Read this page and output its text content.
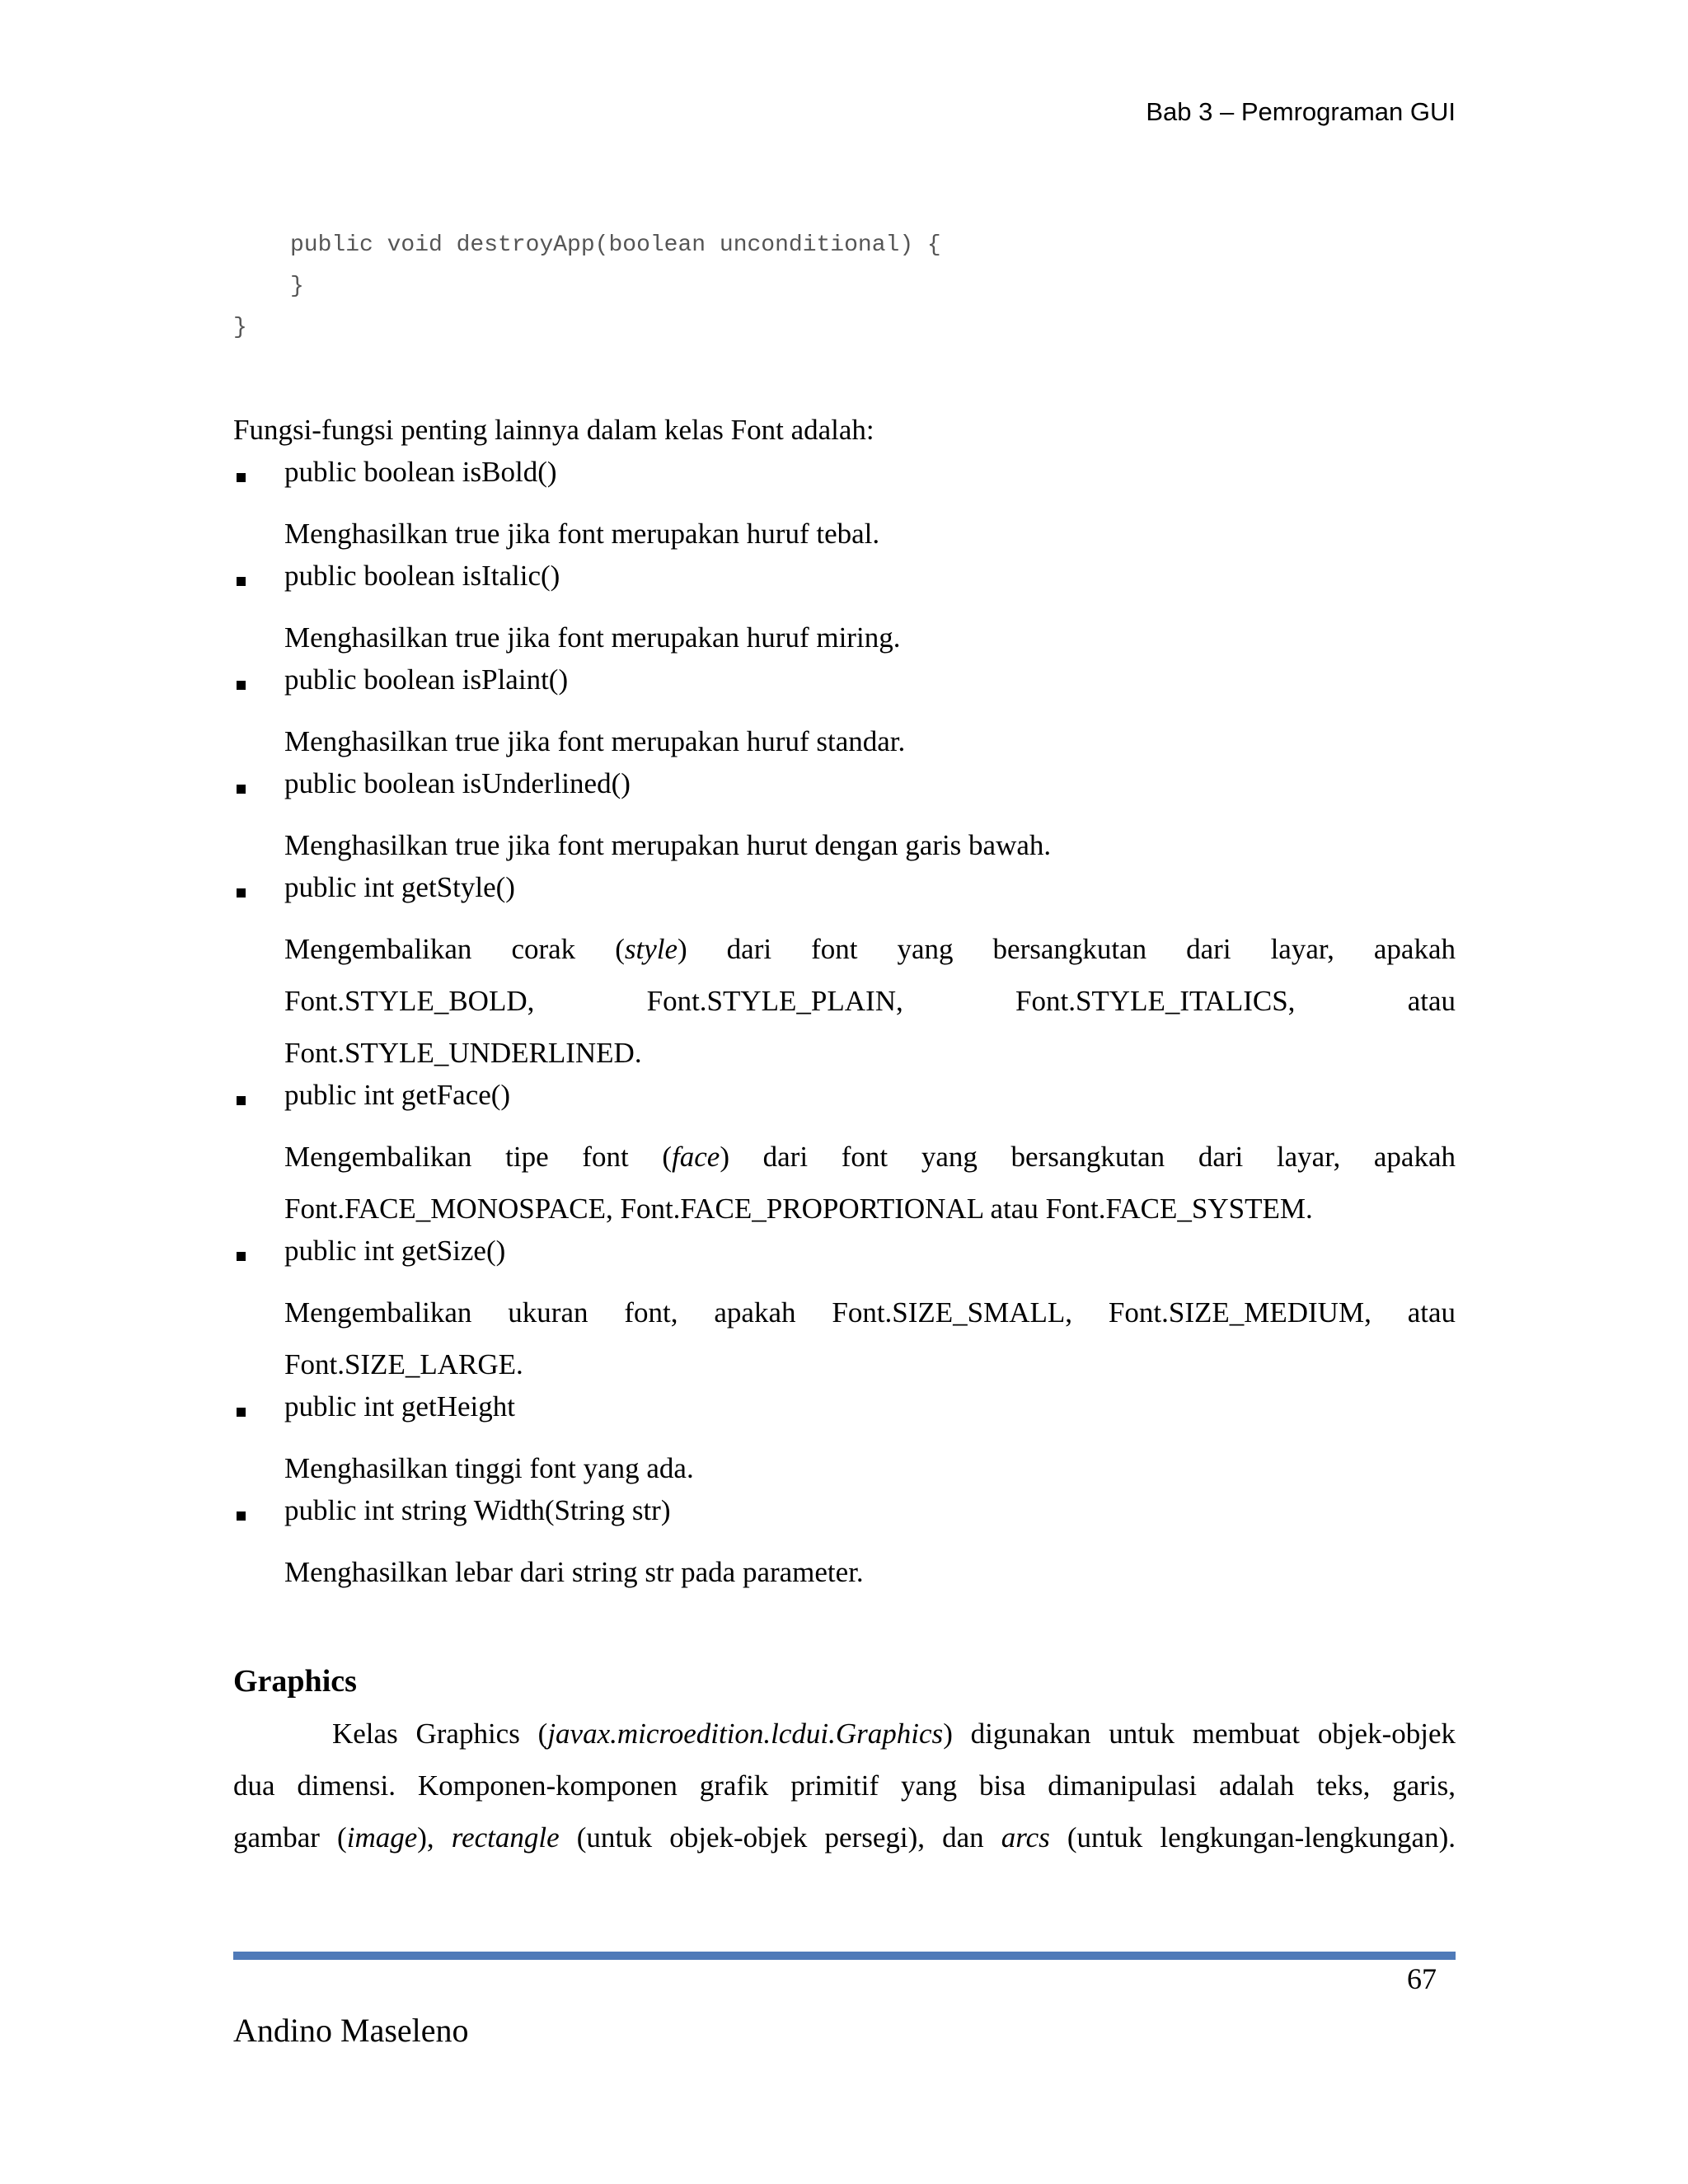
Bab 3 – Pemrograman GUI
public void destroyApp(boolean unconditional) {
}
}
Fungsi-fungsi penting lainnya dalam kelas Font adalah:
public boolean isBold()
Menghasilkan true jika font merupakan huruf tebal.
public boolean isItalic()
Menghasilkan true jika font merupakan huruf miring.
public boolean isPlaint()
Menghasilkan true jika font merupakan huruf standar.
public boolean isUnderlined()
Menghasilkan true jika font merupakan hurut dengan garis bawah.
public int getStyle()
Mengembalikan corak (style) dari font yang bersangkutan dari layar, apakah
Font.STYLE_BOLD, Font.STYLE_PLAIN, Font.STYLE_ITALICS, atau
Font.STYLE_UNDERLINED.
public int getFace()
Mengembalikan tipe font (face) dari font yang bersangkutan dari layar, apakah
Font.FACE_MONOSPACE, Font.FACE_PROPORTIONAL atau Font.FACE_SYSTEM.
public int getSize()
Mengembalikan ukuran font, apakah Font.SIZE_SMALL, Font.SIZE_MEDIUM, atau
Font.SIZE_LARGE.
public int getHeight
Menghasilkan tinggi font yang ada.
public int string Width(String str)
Menghasilkan lebar dari string str pada parameter.
Graphics
Kelas Graphics (javax.microedition.lcdui.Graphics) digunakan untuk membuat objek-objek
dua dimensi. Komponen-komponen grafik primitif yang bisa dimanipulasi adalah teks, garis,
gambar (image), rectangle (untuk objek-objek persegi), dan arcs (untuk lengkungan-lengkungan).
67
Andino Maseleno
